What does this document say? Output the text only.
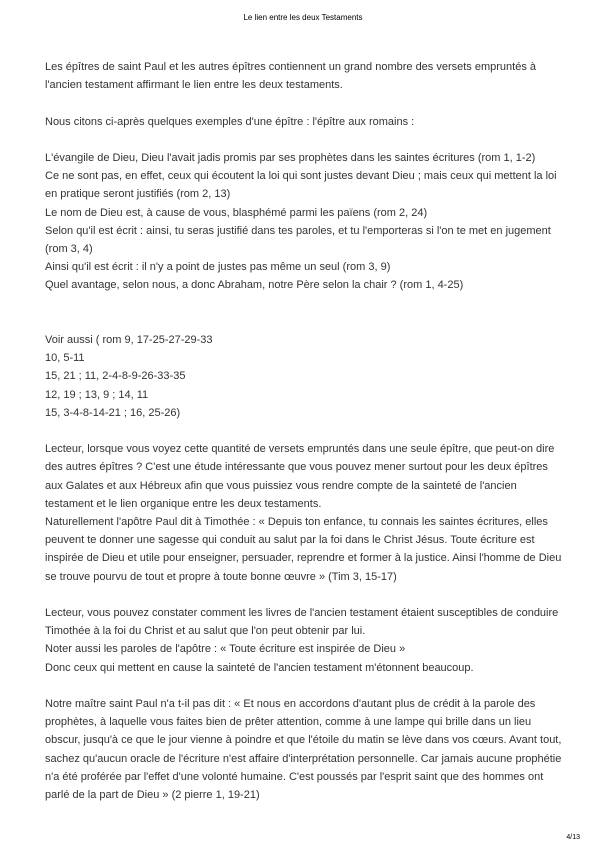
Le lien entre les deux Testaments

Les épîtres de saint Paul et les autres épîtres contiennent un grand nombre des versets empruntés à l'ancien testament affirmant le lien entre les deux testaments.

Nous citons ci-après quelques exemples d'une épître : l'épître aux romains :

L'évangile de Dieu, Dieu l'avait jadis promis par ses prophètes dans les saintes écritures (rom 1, 1-2)

Ce ne sont pas, en effet, ceux qui écoutent la loi qui sont justes devant Dieu ; mais ceux qui mettent la loi en pratique seront justifiés (rom 2, 13)

Le nom de Dieu est, à cause de vous, blasphémé parmi les païens (rom 2, 24)

Selon qu'il est écrit : ainsi, tu seras justifié dans tes paroles, et tu l'emporteras si l'on te met en jugement (rom 3, 4)

Ainsi qu'il est écrit : il n'y a point de justes pas même un seul (rom 3, 9)

Quel avantage, selon nous, a donc Abraham, notre Père selon la chair ? (rom 1, 4-25)

Voir aussi ( rom 9, 17-25-27-29-33

10, 5-11

15, 21 ; 11, 2-4-8-9-26-33-35

12, 19 ; 13, 9 ; 14, 11

15, 3-4-8-14-21 ; 16, 25-26)

Lecteur, lorsque vous voyez cette quantité de versets empruntés dans une seule épître, que peut-on dire des autres épîtres ? C'est une étude intéressante que vous pouvez mener surtout pour les deux épîtres aux Galates et aux Hébreux afin que vous puissiez vous rendre compte de la sainteté de l'ancien testament et le lien organique entre les deux testaments.

Naturellement l'apôtre Paul dit à Timothée : « Depuis ton enfance, tu connais les saintes écritures, elles peuvent te donner une sagesse qui conduit au salut par la foi dans le Christ Jésus. Toute écriture est inspirée de Dieu et utile pour enseigner, persuader, reprendre et former à la justice. Ainsi l'homme de Dieu se trouve pourvu de tout et propre à toute bonne œuvre » (Tim 3, 15-17)

Lecteur, vous pouvez constater comment les livres de l'ancien testament étaient susceptibles de conduire Timothée à la foi du Christ et au salut que l'on peut obtenir par lui.

Noter aussi les paroles de l'apôtre : « Toute écriture est inspirée de Dieu »

Donc ceux qui mettent en cause la sainteté de l'ancien testament m'étonnent beaucoup.

Notre maître saint Paul n'a t-il pas dit : « Et nous en accordons d'autant plus de crédit à la parole des prophètes, à laquelle vous faites bien de prêter attention, comme à une lampe qui brille dans un lieu obscur, jusqu'à ce que le jour vienne à poindre et que l'étoile du matin se lève dans vos cœurs. Avant tout, sachez qu'aucun oracle de l'écriture n'est affaire d'interprétation personnelle. Car jamais aucune prophétie n'a été proférée par l'effet d'une volonté humaine. C'est poussés par l'esprit saint que des hommes ont parlé de la part de Dieu » (2 pierre 1, 19-21)

4/13
